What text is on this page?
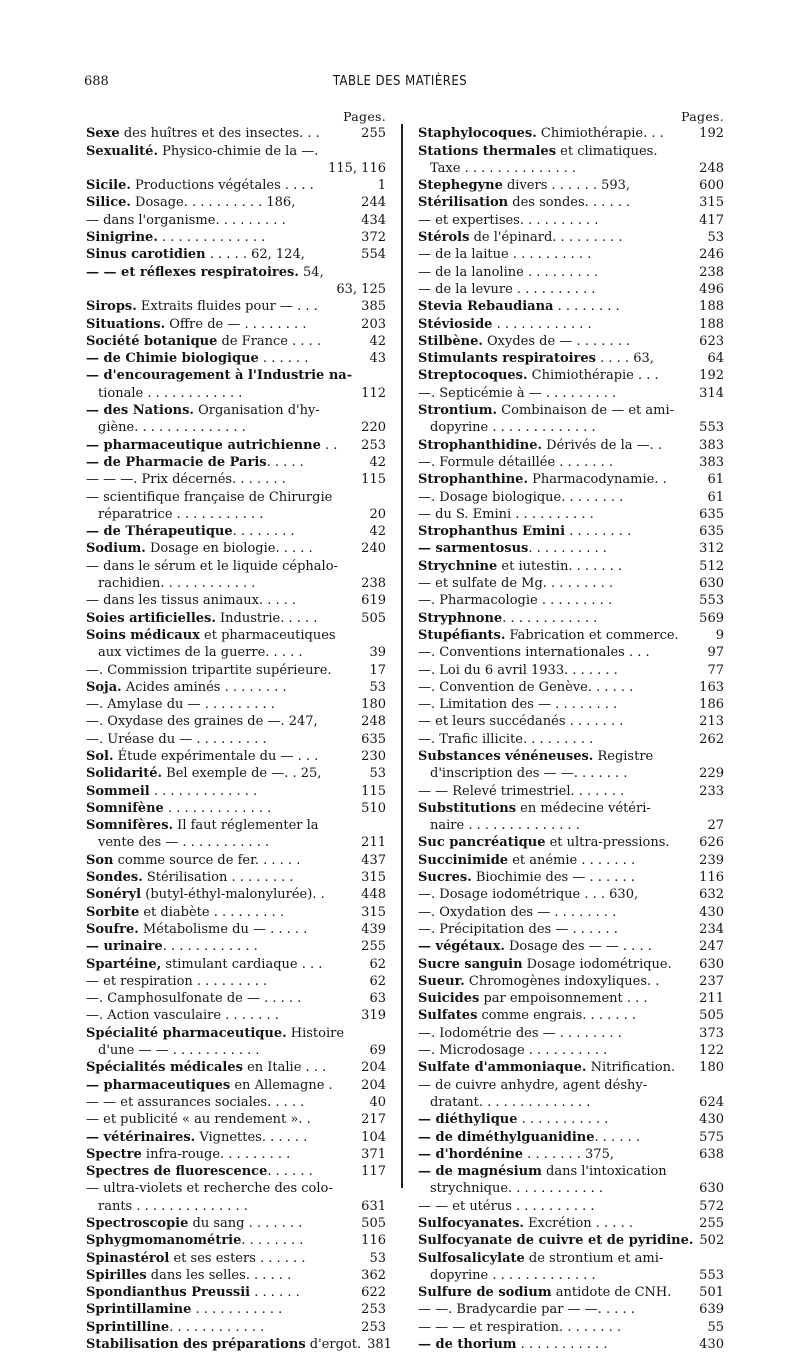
688	TABLE DES MATIÈRES
Pages.
Sexe des huîtres et des insectes. . .	255
Sexualité. Physico-chimie de la —.
115, 116
Sicile. Productions végétales . . . .	1
Silice. Dosage. . . . . . . . . . 186,	244
— dans l'organisme. . . . . . . . .	434
Sinigrine. . . . . . . . . . . . . .	372
Sinus carotidien . . . . . 62, 124,	554
— — et réflexes respiratoires. 54,
63, 125
Sirops. Extraits fluides pour — . . .	385
Situations. Offre de — . . . . . . . .	203
Société botanique de France . . . .	42
— de Chimie biologique . . . . . .	43
— d'encouragement à l'Industrie na-
tionale . . . . . . . . . . . .	112
— des Nations. Organisation d'hy-
giène. . . . . . . . . . . . . .	220
— pharmaceutique autrichienne . .	253
— de Pharmacie de Paris. . . . .	42
— — —. Prix décernés. . . . . . .	115
— scientifique française de Chirurgie
réparatrice . . . . . . . . . . .	20
— de Thérapeutique. . . . . . . .	42
Sodium. Dosage en biologie. . . . .	240
— dans le sérum et le liquide céphalo-
rachidien. . . . . . . . . . . .	238
— dans les tissus animaux. . . . .	619
Soies artificielles. Industrie. . . . .	505
Soins médicaux et pharmaceutiques
aux victimes de la guerre. . . . .	39
—. Commission tripartite supérieure.	17
Soja. Acides aminés . . . . . . . .	53
—. Amylase du — . . . . . . . . .	180
—. Oxydase des graines de —. 247,	248
—. Uréase du — . . . . . . . . .	635
Sol. Étude expérimentale du — . . .	230
Solidarité. Bel exemple de —. . 25,	53
Sommeil . . . . . . . . . . . . .	115
Somnifène . . . . . . . . . . . . .	510
Somnifères. Il faut réglementer la
vente des — . . . . . . . . . . .	211
Son comme source de fer. . . . . .	437
Sondes. Stérilisation . . . . . . . .	315
Sonéryl (butyl-éthyl-malonylurée). .	448
Sorbite et diabète . . . . . . . . .	315
Soufre. Métabolisme du — . . . . .	439
— urinaire. . . . . . . . . . . .	255
Spartéine, stimulant cardiaque . . .	62
— et respiration . . . . . . . . .	62
—. Camphosulfonate de — . . . . .	63
—. Action vasculaire . . . . . . .	319
Spécialité pharmaceutique. Histoire
d'une — — . . . . . . . . . . .	69
Spécialités médicales en Italie . . .	204
— pharmaceutiques en Allemagne .	204
— — et assurances sociales. . . . .	40
— et publicité « au rendement ». .	217
— vétérinaires. Vignettes. . . . . .	104
Spectre infra-rouge. . . . . . . . .	371
Spectres de fluorescence. . . . . .	117
— ultra-violets et recherche des colo-
rants . . . . . . . . . . . . . .	631
Spectroscopie du sang . . . . . . .	505
Sphygmomanométrie. . . . . . . .	116
Spinastérol et ses esters . . . . . .	53
Spirilles dans les selles. . . . . .	362
Spondianthus Preussii . . . . . .	622
Sprintillamine . . . . . . . . . . .	253
Sprintilline. . . . . . . . . . . .	253
Stabilisation des préparations d'ergot. 381
Pages.
Staphylocoques. Chimiothérapie. . .	192
Stations thermales et climatiques.
Taxe . . . . . . . . . . . . . .	248
Stephegyne divers . . . . . . 593,	600
Stérilisation des sondes. . . . . .	315
— et expertises. . . . . . . . . .	417
Stérols de l'épinard. . . . . . . . .	53
— de la laitue . . . . . . . . . .	246
— de la lanoline . . . . . . . . .	238
— de la levure . . . . . . . . . .	496
Stevia Rebaudiana . . . . . . . .	188
Stévioside . . . . . . . . . . . .	188
Stilbène. Oxydes de — . . . . . . .	623
Stimulants respiratoires . . . . 63,	64
Streptocoques. Chimiothérapie . . .	192
—. Septicémie à — . . . . . . . . .	314
Strontium. Combinaison de — et ami-
dopyrine . . . . . . . . . . . . .	553
Strophanthidine. Dérivés de la —. .	383
—. Formule détaillée . . . . . . .	383
Strophanthine. Pharmacodynamie. .	61
—. Dosage biologique. . . . . . . .	61
— du S. Emini . . . . . . . . . .	635
Strophanthus Emini . . . . . . . .	635
— sarmentosus. . . . . . . . . .	312
Strychnine et iutestin. . . . . . .	512
— et sulfate de Mg. . . . . . . . .	630
—. Pharmacologie . . . . . . . . .	553
Stryphnone. . . . . . . . . . . .	569
Stupéfiants. Fabrication et commerce.	9
—. Conventions internationales . . .	97
—. Loi du 6 avril 1933. . . . . . .	77
—. Convention de Genève. . . . . .	163
—. Limitation des — . . . . . . . .	186
— et leurs succédanés . . . . . . .	213
—. Trafic illicite. . . . . . . . .	262
Substances vénéneuses. Registre
d'inscription des — —. . . . . . .	229
— — Relevé trimestriel. . . . . . .	233
Substitutions en médecine vétéri-
naire . . . . . . . . . . . . . .	27
Suc pancréatique et ultra-pressions.	626
Succinimide et anémie . . . . . . .	239
Sucres. Biochimie des — . . . . . .	116
—. Dosage iodométrique . . . 630,	632
—. Oxydation des — . . . . . . . .	430
—. Précipitation des — . . . . . .	234
— végétaux. Dosage des — — . . . .	247
Sucre sanguin Dosage iodométrique.	630
Sueur. Chromogènes indoxyliques. .	237
Suicides par empoisonnement . . .	211
Sulfates comme engrais. . . . . . .	505
—. Iodométrie des — . . . . . . . .	373
—. Microdosage . . . . . . . . . .	122
Sulfate d'ammoniaque. Nitrification.	180
— de cuivre anhydre, agent déshy-
dratant. . . . . . . . . . . . . .	624
— diéthylique . . . . . . . . . . .	430
— de diméthylguanidine. . . . . .	575
— d'hordénine . . . . . . . 375,	638
— de magnésium dans l'intoxication
strychnique. . . . . . . . . . . .	630
— — et utérus . . . . . . . . . .	572
Sulfocyanates. Excrétion . . . . .	255
Sulfocyanate de cuivre et de pyridine. 502
Sulfosalicylate de strontium et ami-
dopyrine . . . . . . . . . . . . .	553
Sulfure de sodium antidote de CNH.	501
— —. Bradycardie par — —. . . . .	639
— — — et respiration. . . . . . . .	55
— de thorium . . . . . . . . . . .	430
